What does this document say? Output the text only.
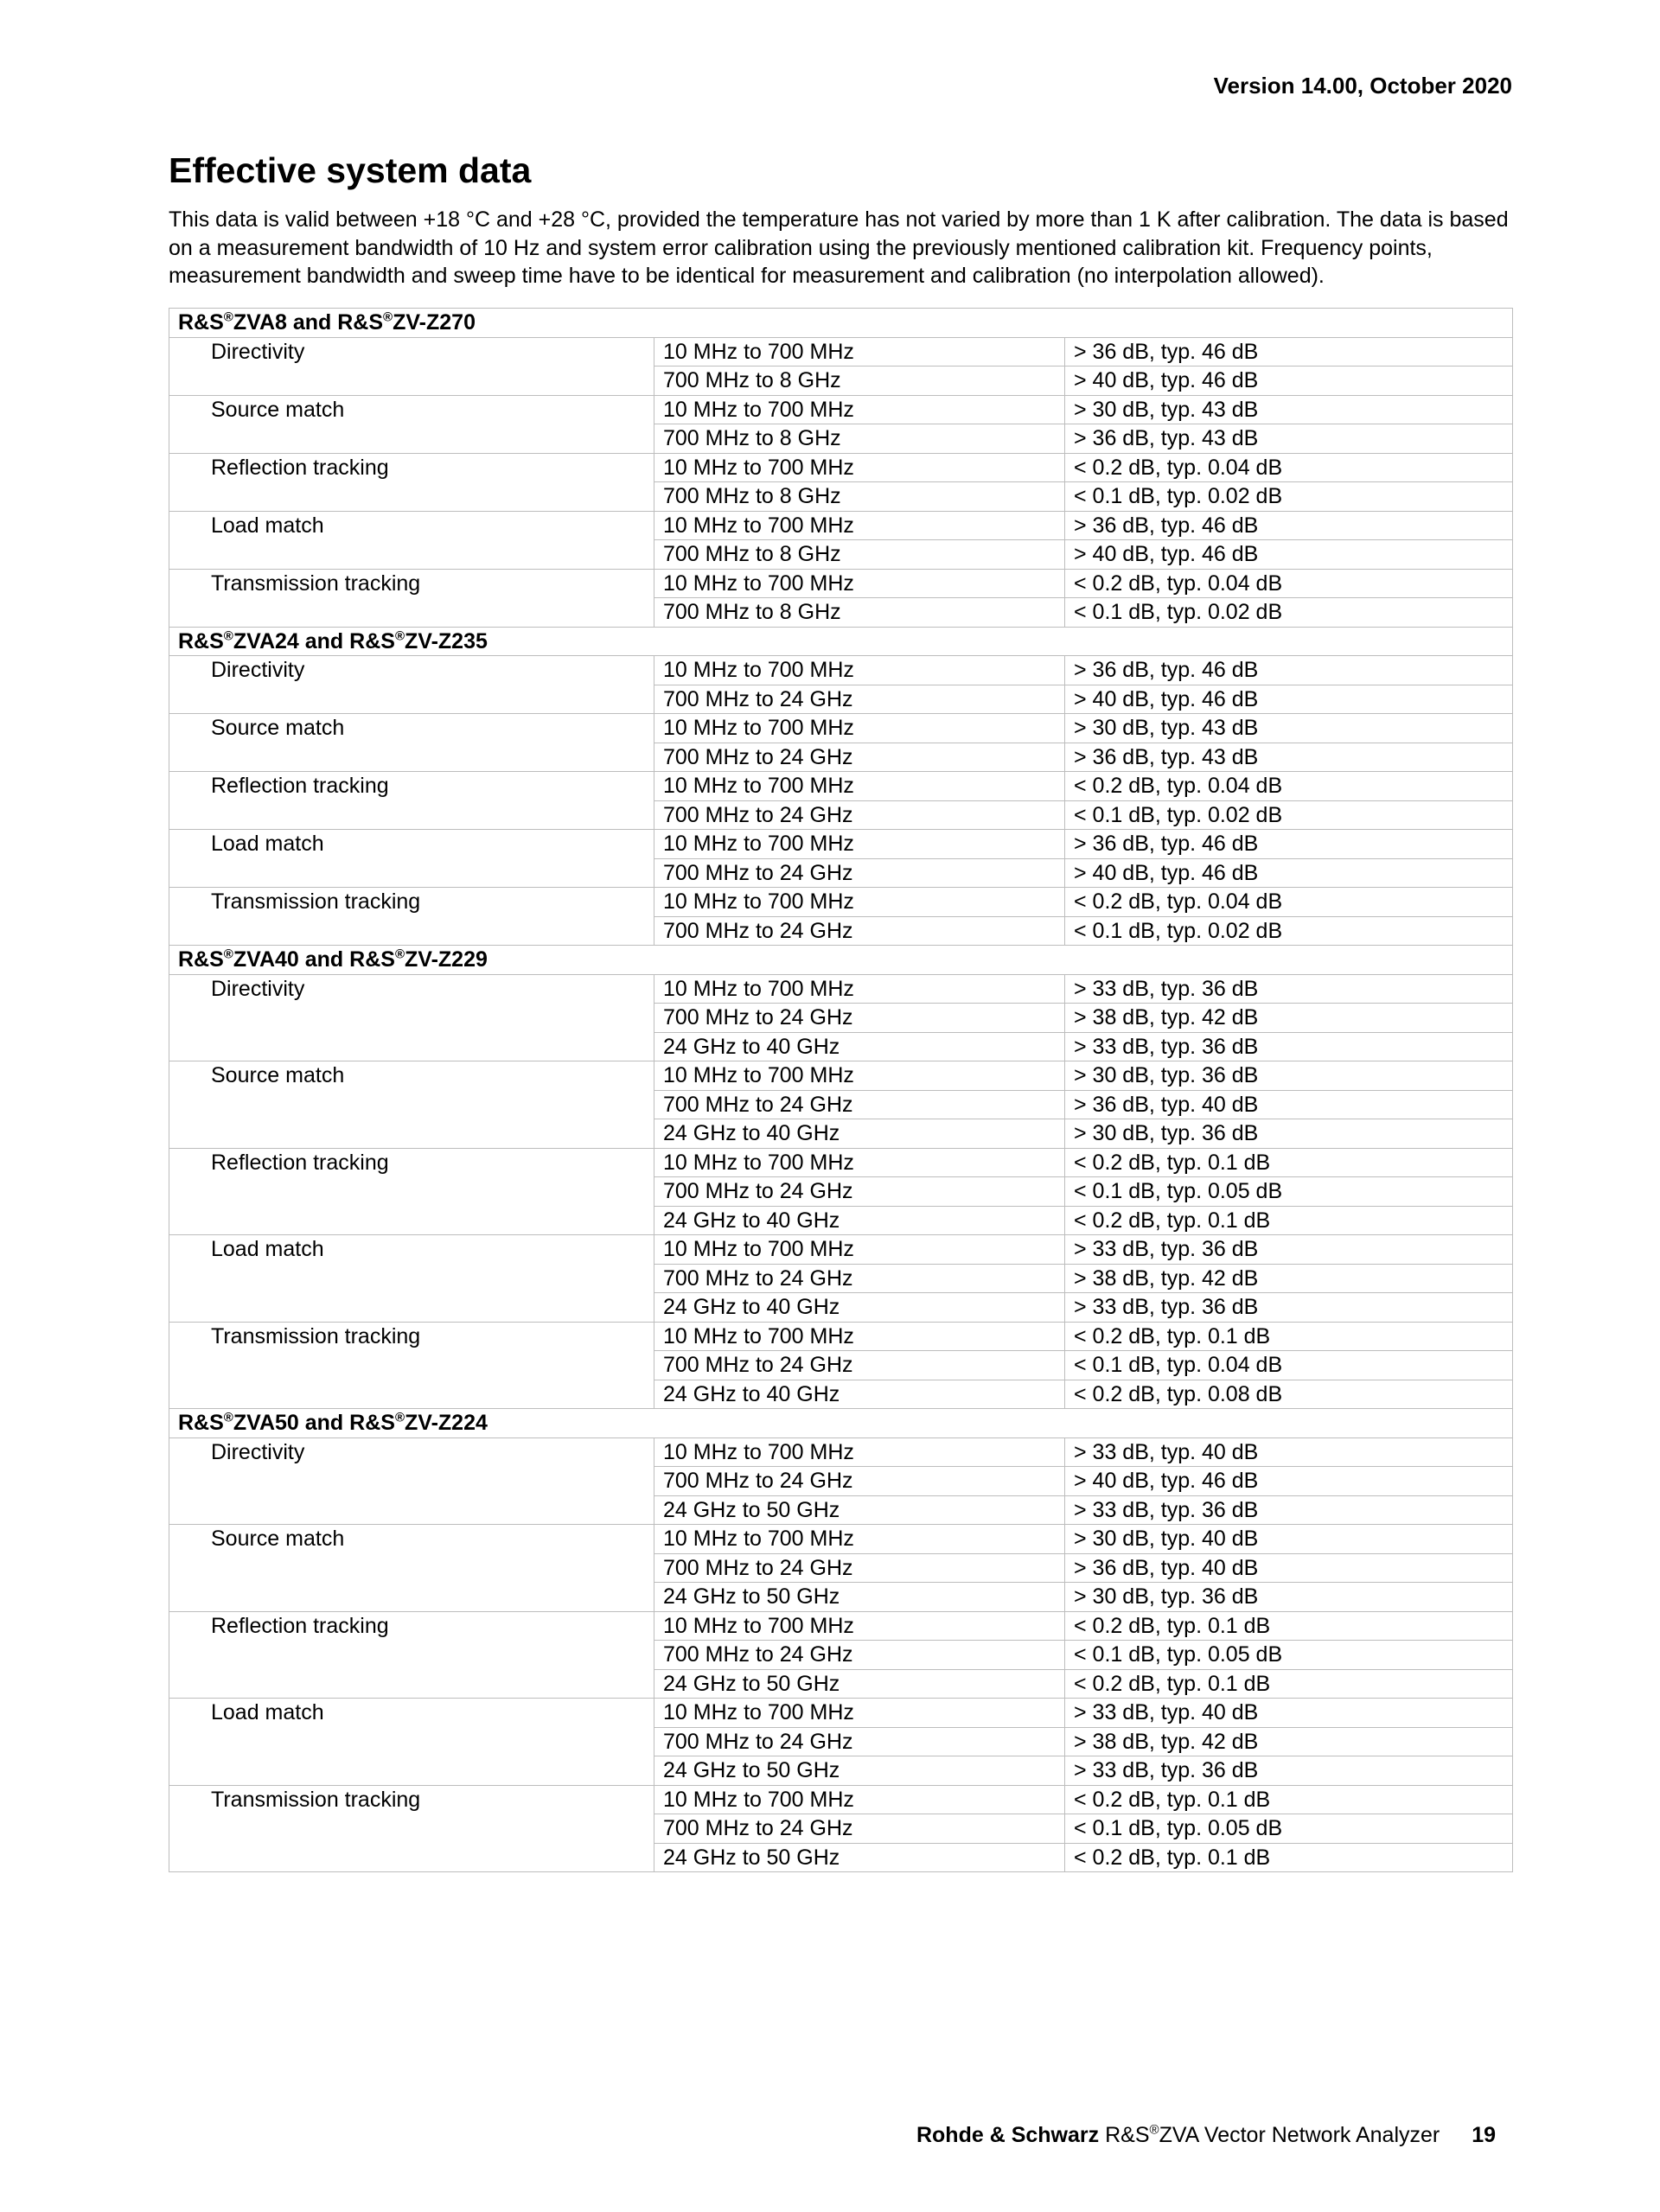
Version 14.00, October 2020
Effective system data

This data is valid between +18 °C and +28 °C, provided the temperature has not varied by more than 1 K after calibration. The data is based on a measurement bandwidth of 10 Hz and system error calibration using the previously mentioned calibration kit. Frequency points, measurement bandwidth and sweep time have to be identical for measurement and calibration (no interpolation allowed).

R&S®ZVA8 and R&S®ZV-Z270		
Directivity	10 MHz to 700 MHz	> 36 dB, typ. 46 dB
	700 MHz to 8 GHz	> 40 dB, typ. 46 dB
Source match	10 MHz to 700 MHz	> 30 dB, typ. 43 dB
	700 MHz to 8 GHz	> 36 dB, typ. 43 dB
Reflection tracking	10 MHz to 700 MHz	< 0.2 dB, typ. 0.04 dB
	700 MHz to 8 GHz	< 0.1 dB, typ. 0.02 dB
Load match	10 MHz to 700 MHz	> 36 dB, typ. 46 dB
	700 MHz to 8 GHz	> 40 dB, typ. 46 dB
Transmission tracking	10 MHz to 700 MHz	< 0.2 dB, typ. 0.04 dB
	700 MHz to 8 GHz	< 0.1 dB, typ. 0.02 dB
R&S®ZVA24 and R&S®ZV-Z235		
Directivity	10 MHz to 700 MHz	> 36 dB, typ. 46 dB
	700 MHz to 24 GHz	> 40 dB, typ. 46 dB
Source match	10 MHz to 700 MHz	> 30 dB, typ. 43 dB
	700 MHz to 24 GHz	> 36 dB, typ. 43 dB
Reflection tracking	10 MHz to 700 MHz	< 0.2 dB, typ. 0.04 dB
	700 MHz to 24 GHz	< 0.1 dB, typ. 0.02 dB
Load match	10 MHz to 700 MHz	> 36 dB, typ. 46 dB
	700 MHz to 24 GHz	> 40 dB, typ. 46 dB
Transmission tracking	10 MHz to 700 MHz	< 0.2 dB, typ. 0.04 dB
	700 MHz to 24 GHz	< 0.1 dB, typ. 0.02 dB
R&S®ZVA40 and R&S®ZV-Z229		
Directivity	10 MHz to 700 MHz	> 33 dB, typ. 36 dB
	700 MHz to 24 GHz	> 38 dB, typ. 42 dB
	24 GHz to 40 GHz	> 33 dB, typ. 36 dB
Source match	10 MHz to 700 MHz	> 30 dB, typ. 36 dB
	700 MHz to 24 GHz	> 36 dB, typ. 40 dB
	24 GHz to 40 GHz	> 30 dB, typ. 36 dB
Reflection tracking	10 MHz to 700 MHz	< 0.2 dB, typ. 0.1 dB
	700 MHz to 24 GHz	< 0.1 dB, typ. 0.05 dB
	24 GHz to 40 GHz	< 0.2 dB, typ. 0.1 dB
Load match	10 MHz to 700 MHz	> 33 dB, typ. 36 dB
	700 MHz to 24 GHz	> 38 dB, typ. 42 dB
	24 GHz to 40 GHz	> 33 dB, typ. 36 dB
Transmission tracking	10 MHz to 700 MHz	< 0.2 dB, typ. 0.1 dB
	700 MHz to 24 GHz	< 0.1 dB, typ. 0.04 dB
	24 GHz to 40 GHz	< 0.2 dB, typ. 0.08 dB
R&S®ZVA50 and R&S®ZV-Z224		
Directivity	10 MHz to 700 MHz	> 33 dB, typ. 40 dB
	700 MHz to 24 GHz	> 40 dB, typ. 46 dB
	24 GHz to 50 GHz	> 33 dB, typ. 36 dB
Source match	10 MHz to 700 MHz	> 30 dB, typ. 40 dB
	700 MHz to 24 GHz	> 36 dB, typ. 40 dB
	24 GHz to 50 GHz	> 30 dB, typ. 36 dB
Reflection tracking	10 MHz to 700 MHz	< 0.2 dB, typ. 0.1 dB
	700 MHz to 24 GHz	< 0.1 dB, typ. 0.05 dB
	24 GHz to 50 GHz	< 0.2 dB, typ. 0.1 dB
Load match	10 MHz to 700 MHz	> 33 dB, typ. 40 dB
	700 MHz to 24 GHz	> 38 dB, typ. 42 dB
	24 GHz to 50 GHz	> 33 dB, typ. 36 dB
Transmission tracking	10 MHz to 700 MHz	< 0.2 dB, typ. 0.1 dB
	700 MHz to 24 GHz	< 0.1 dB, typ. 0.05 dB
	24 GHz to 50 GHz	< 0.2 dB, typ. 0.1 dB
Rohde & Schwarz R&S®ZVA Vector Network Analyzer 19
